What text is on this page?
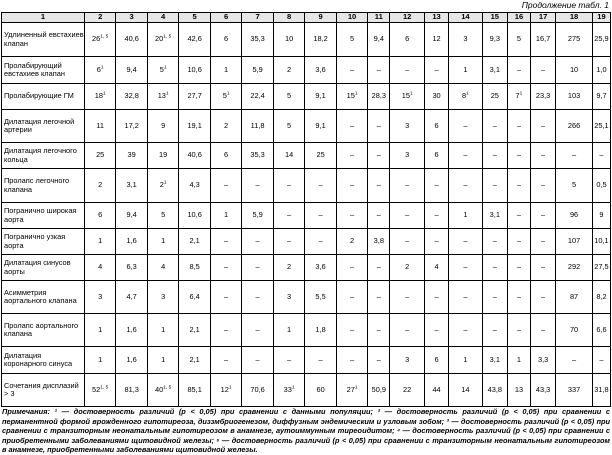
Продолжение табл. 1
1	2	3	4	5	6	7	8	9	10	11	12	13	14	15	16	17	18	19
Удлиненный евстахиев клапан	26$^{1, 5}$	40,6	20$^{1, 5}$	42,6	6	35,3	10	18,2	5	9,4	6	12	3	9,3	5	16,7	275	25,9
Пролабирующий евстахиев клапан	$6^1$	9,4	$5^1$	10,6	1	5,9	2	3,6	–	–	–	–	1	3,1	–	–	10	1,0
Пролабирующие ГМ	$18^1$	32,8	$13^1$	27,7	$5^1$	22,4	5	9,1	$15^1$	28,3	$15^1$	30	$8^1$	25	$7^1$	23,3	103	9,7
Дилатация легочной артерии	11	17,2	9	19,1	2	11,8	5	9,1	–	–	3	6	–	–	–	–	266	25,1
Дилатация легочного кольца	25	39	19	40,6	6	35,3	14	25	–	–	3	6	–	–	–	–	–	–
Пролапс легочного клапана	2	3,1	$2^1$	4,3	–	–	–	–	–	–	–	–	–	–	–	–	5	0,5
Погранично широкая аорта	6	9,4	5	10,6	1	5,9	–	–	–	–	–	–	1	3,1	–	–	96	9
Погранично узкая аорта	1	1,6	1	2,1	–	–	–	–	2	3,8	–	–	–	–	–	–	107	10,1
Дилатация синусов аорты	4	6,3	4	8,5	–	–	2	3,6	–	–	2	4	–	–	–	–	292	27,5
Асимметрия аортального клапана	3	4,7	3	6,4	–	–	3	5,5	–	–	–	–	–	–	–	–	87	8,2
Пролапс аортального клапана	1	1,6	1	2,1	–	–	1	1,8	–	–	–	–	–	–	–	–	70	6,6
Дилатация коронарного синуса	1	1,6	1	2,1	–	–	–	–	–	–	3	6	1	3,1	1	3,3	–	–
Сочетания дисплазий > 3	52$^{1, 5}$	81,3	40$^{1, 5}$	85,1	$12^1$	70,6	$33^1$	60	$27^1$	50,9	22	44	14	43,8	13	43,3	337	31,8
Примечания: ¹ — достоверность различий (p < 0,05) при сравнении с данными популяции; ² — достоверность различий (p < 0,05) при сравнении с перманентной формой врожденного гипотиреоза, диззмбриогенезом, диффузным эндемическим и узловым зобом; ³ — достоверность различий (p < 0,05) при сравнении с транзиторным неонатальным гипотиреозом в анамнезе, аутоиммунным тиреоидитом; ⁴ — достоверность различий (p < 0,05) при сравнении с приобретенными заболеваниями щитовидной железы; ⁵ — достоверность различий (p < 0,05) при сравнении с транзиторным неонатальным гипотиреозом в анамнезе, приобретенными заболеваниями щитовидной железы.
